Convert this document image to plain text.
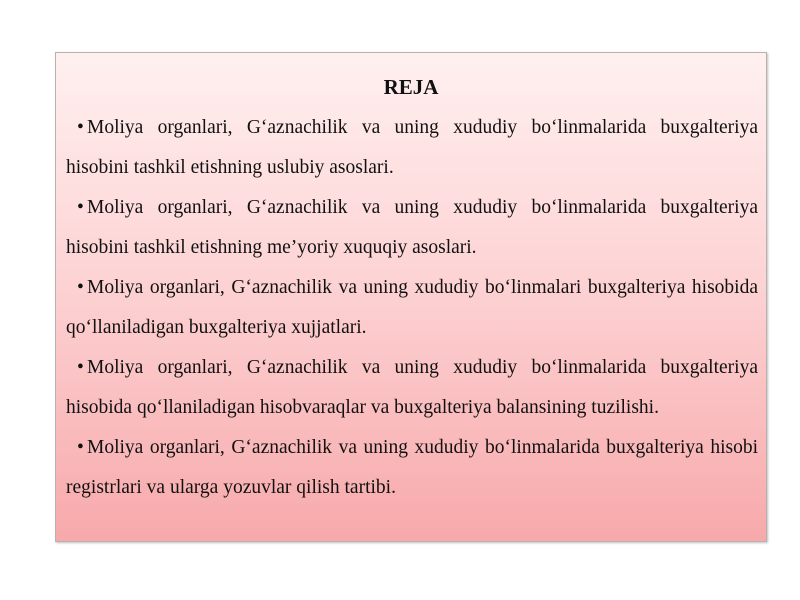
REJA
• Moliya organlari, G‘aznachilik va uning xududiy bo‘linmalarida buxgalteriya hisobini tashkil etishning uslubiy asoslari.
• Moliya organlari, G‘aznachilik va uning xududiy bo‘linmalarida buxgalteriya hisobini tashkil etishning me’yoriy xuquqiy asoslari.
• Moliya organlari, G‘aznachilik va uning xududiy bo‘linmalari buxgalteriya hisobida qo‘llaniladigan buxgalteriya xujjatlari.
• Moliya organlari, G‘aznachilik va uning xududiy bo‘linmalarida buxgalteriya hisobida qo‘llaniladigan hisobvaraqlar va buxgalteriya balansining tuzilishi.
• Moliya organlari, G‘aznachilik va uning xududiy bo‘linmalarida buxgalteriya hisobi registrlari va ularga yozuvlar qilish tartibi.
